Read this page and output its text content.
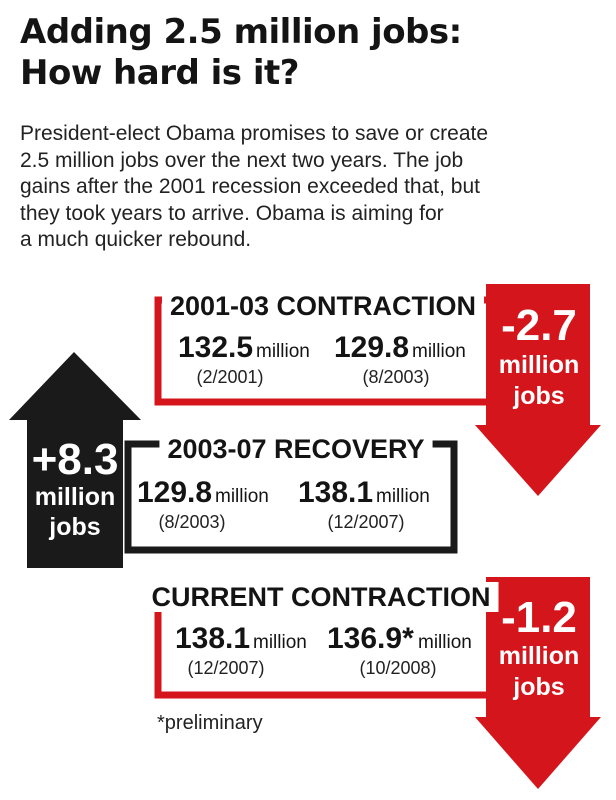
Adding 2.5 million jobs:
How hard is it?

President-elect Obama promises to save or create
2.5 million jobs over the next two years. The job
gains after the 2001 recession exceeded that, but
they took years to arrive. Obama is aiming for
a much quicker rebound.

2001-03 CONTRACTION -2.7
million
jobs
132.5 million
(2/2001)
129.8 million
(8/2003)
2003-07 RECOVERY
+8.3
million
jobs
129.8 million
(8/2003)
138.1 million
(12/2007)
CURRENT CONTRACTION -1.2
million
jobs
138.1 million
(12/2007)
136.9* million
(10/2008)

*preliminary
